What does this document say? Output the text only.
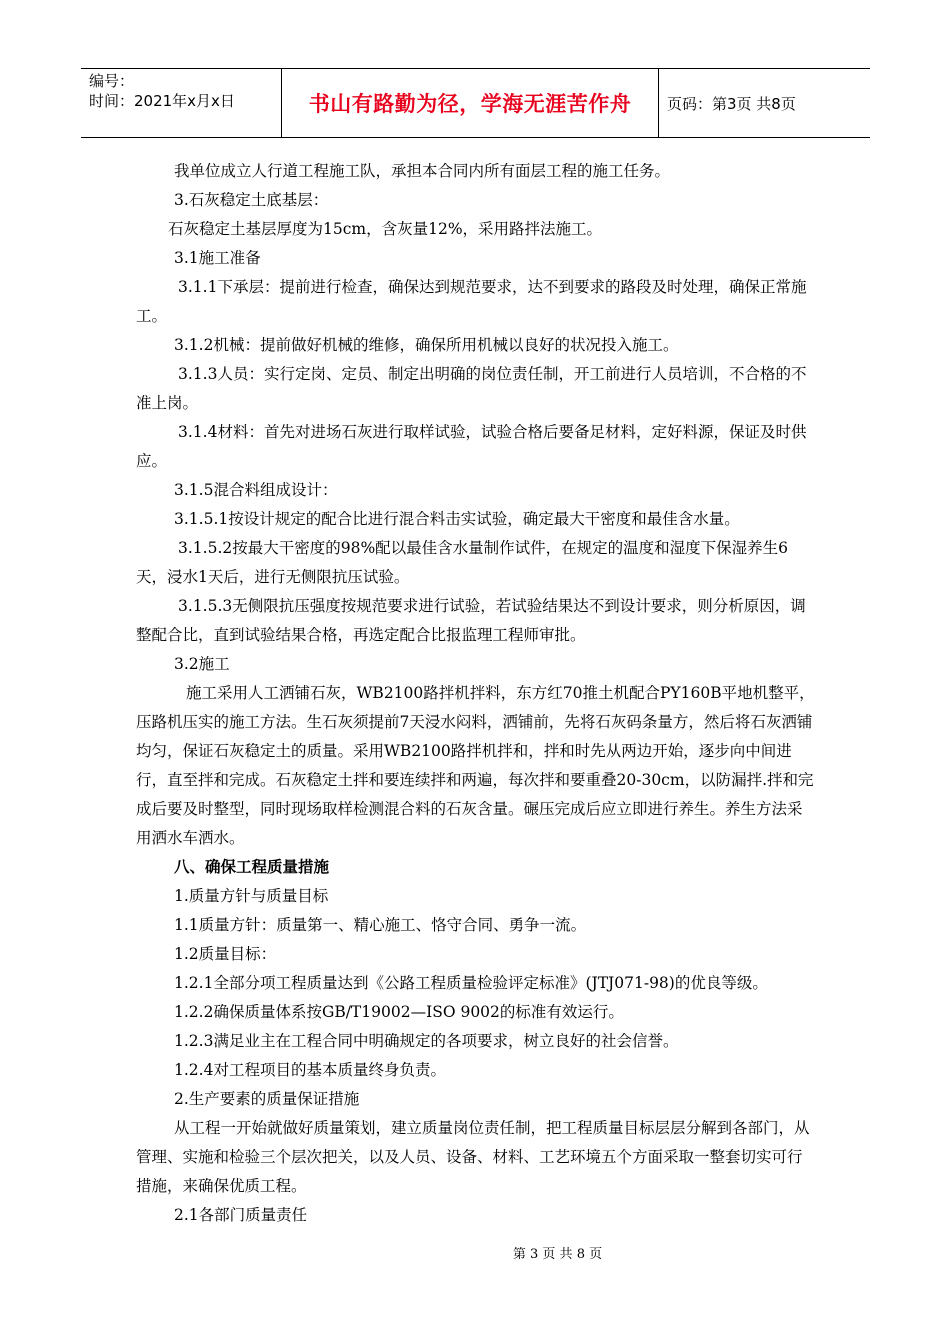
编号：
时间：2021年x月x日	书山有路勤为径，学海无涯苦作舟 页码：第3页 共8页

我单位成立人行道工程施工队，承担本合同内所有面层工程的施工任务。

3.石灰稳定土底基层：

石灰稳定土基层厚度为15cm，含灰量12%，采用路拌法施工。

3.1施工准备

3.1.1下承层：提前进行检查，确保达到规范要求，达不到要求的路段及时处理，确保正常施工。

3.1.2机械：提前做好机械的维修，确保所用机械以良好的状况投入施工。

3.1.3人员：实行定岗、定员、制定出明确的岗位责任制，开工前进行人员培训，不合格的不准上岗。

3.1.4材料：首先对进场石灰进行取样试验，试验合格后要备足材料，定好料源，保证及时供应。

3.1.5混合料组成设计：

3.1.5.1按设计规定的配合比进行混合料击实试验，确定最大干密度和最佳含水量。

3.1.5.2按最大干密度的98%配以最佳含水量制作试件，在规定的温度和湿度下保湿养生6天，浸水1天后，进行无侧限抗压试验。

3.1.5.3无侧限抗压强度按规范要求进行试验，若试验结果达不到设计要求，则分析原因，调整配合比，直到试验结果合格，再选定配合比报监理工程师审批。

3.2施工

施工采用人工洒铺石灰，WB2100路拌机拌料，东方红70推土机配合PY160B平地机整平，压路机压实的施工方法。生石灰须提前7天浸水闷料，洒铺前，先将石灰码条量方，然后将石灰洒铺均匀，保证石灰稳定土的质量。采用WB2100路拌机拌和，拌和时先从两边开始，逐步向中间进行，直至拌和完成。石灰稳定土拌和要连续拌和两遍，每次拌和要重叠20-30cm，以防漏拌.拌和完成后要及时整型，同时现场取样检测混合料的石灰含量。碾压完成后应立即进行养生。养生方法采用洒水车洒水。

八、确保工程质量措施

1.质量方针与质量目标

1.1质量方针：质量第一、精心施工、恪守合同、勇争一流。

1.2质量目标：

1.2.1全部分项工程质量达到《公路工程质量检验评定标准》(JTJ071-98)的优良等级。

1.2.2确保质量体系按GB/T19002—ISO 9002的标准有效运行。

1.2.3满足业主在工程合同中明确规定的各项要求，树立良好的社会信誉。

1.2.4对工程项目的基本质量终身负责。

2.生产要素的质量保证措施

从工程一开始就做好质量策划，建立质量岗位责任制，把工程质量目标层层分解到各部门，从管理、实施和检验三个层次把关，以及人员、设备、材料、工艺环境五个方面采取一整套切实可行措施，来确保优质工程。

2.1各部门质量责任

第 3 页 共 8 页
